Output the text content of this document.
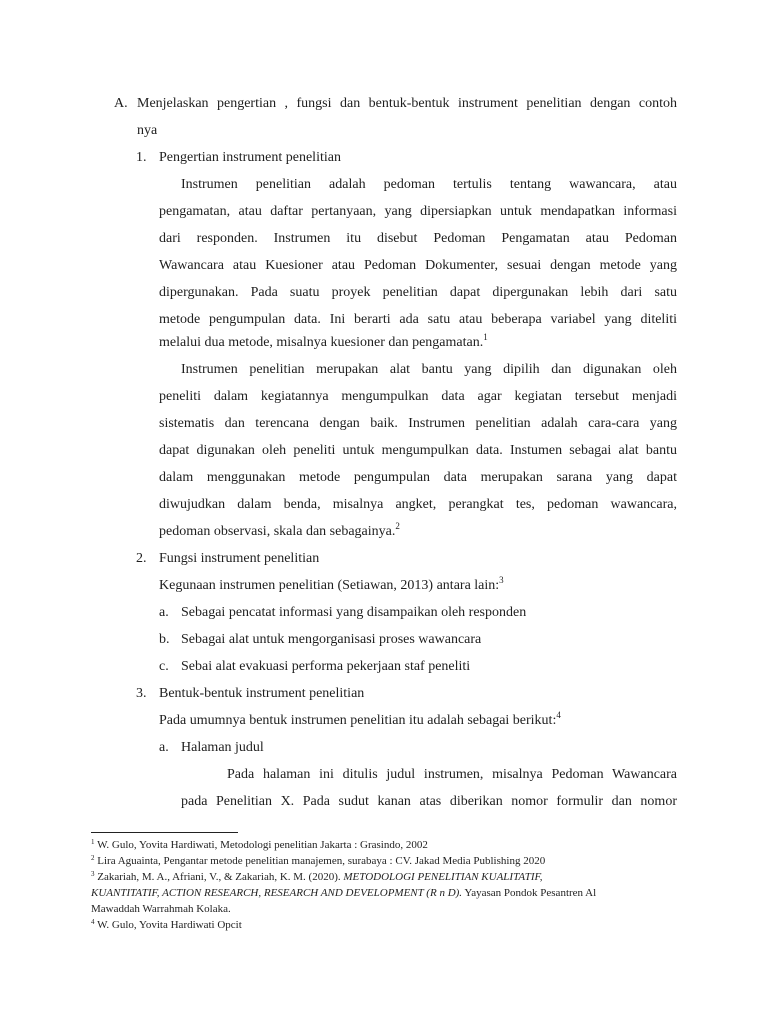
A. Menjelaskan pengertian , fungsi dan bentuk-bentuk instrument penelitian dengan contoh
nya
1. Pengertian instrument penelitian
Instrumen penelitian adalah pedoman tertulis tentang wawancara, atau
pengamatan, atau daftar pertanyaan, yang dipersiapkan untuk mendapatkan informasi
dari responden. Instrumen itu disebut Pedoman Pengamatan atau Pedoman
Wawancara atau Kuesioner atau Pedoman Dokumenter, sesuai dengan metode yang
dipergunakan. Pada suatu proyek penelitian dapat dipergunakan lebih dari satu
metode pengumpulan data. Ini berarti ada satu atau beberapa variabel yang diteliti
melalui dua metode, misalnya kuesioner dan pengamatan.$^1$
Instrumen penelitian merupakan alat bantu yang dipilih dan digunakan oleh
peneliti dalam kegiatannya mengumpulkan data agar kegiatan tersebut menjadi
sistematis dan terencana dengan baik. Instrumen penelitian adalah cara-cara yang
dapat digunakan oleh peneliti untuk mengumpulkan data. Instumen sebagai alat bantu
dalam menggunakan metode pengumpulan data merupakan sarana yang dapat
diwujudkan dalam benda, misalnya angket, perangkat tes, pedoman wawancara,
pedoman observasi, skala dan sebagainya.$^2$
2. Fungsi instrument penelitian
Kegunaan instrumen penelitian (Setiawan, 2013) antara lain:$^3$
a. Sebagai pencatat informasi yang disampaikan oleh responden
b. Sebagai alat untuk mengorganisasi proses wawancara
c. Sebai alat evakuasi performa pekerjaan staf peneliti
3. Bentuk-bentuk instrument penelitian
Pada umumnya bentuk instrumen penelitian itu adalah sebagai berikut:$^4$
a. Halaman judul
Pada halaman ini ditulis judul instrumen, misalnya Pedoman Wawancara
pada Penelitian X. Pada sudut kanan atas diberikan nomor formulir dan nomor
$^1$ W. Gulo, Yovita Hardiwati, Metodologi penelitian Jakarta : Grasindo, 2002
$^2$ Lira Aguainta, Pengantar metode penelitian manajemen, surabaya : CV. Jakad Media Publishing 2020
$^3$ Zakariah, M. A., Afriani, V., & Zakariah, K. M. (2020). METODOLOGI PENELITIAN KUALITATIF,
KUANTITATIF, ACTION RESEARCH, RESEARCH AND DEVELOPMENT (R n D). Yayasan Pondok Pesantren Al
Mawaddah Warrahmah Kolaka.
$^4$ W. Gulo, Yovita Hardiwati Opcit
